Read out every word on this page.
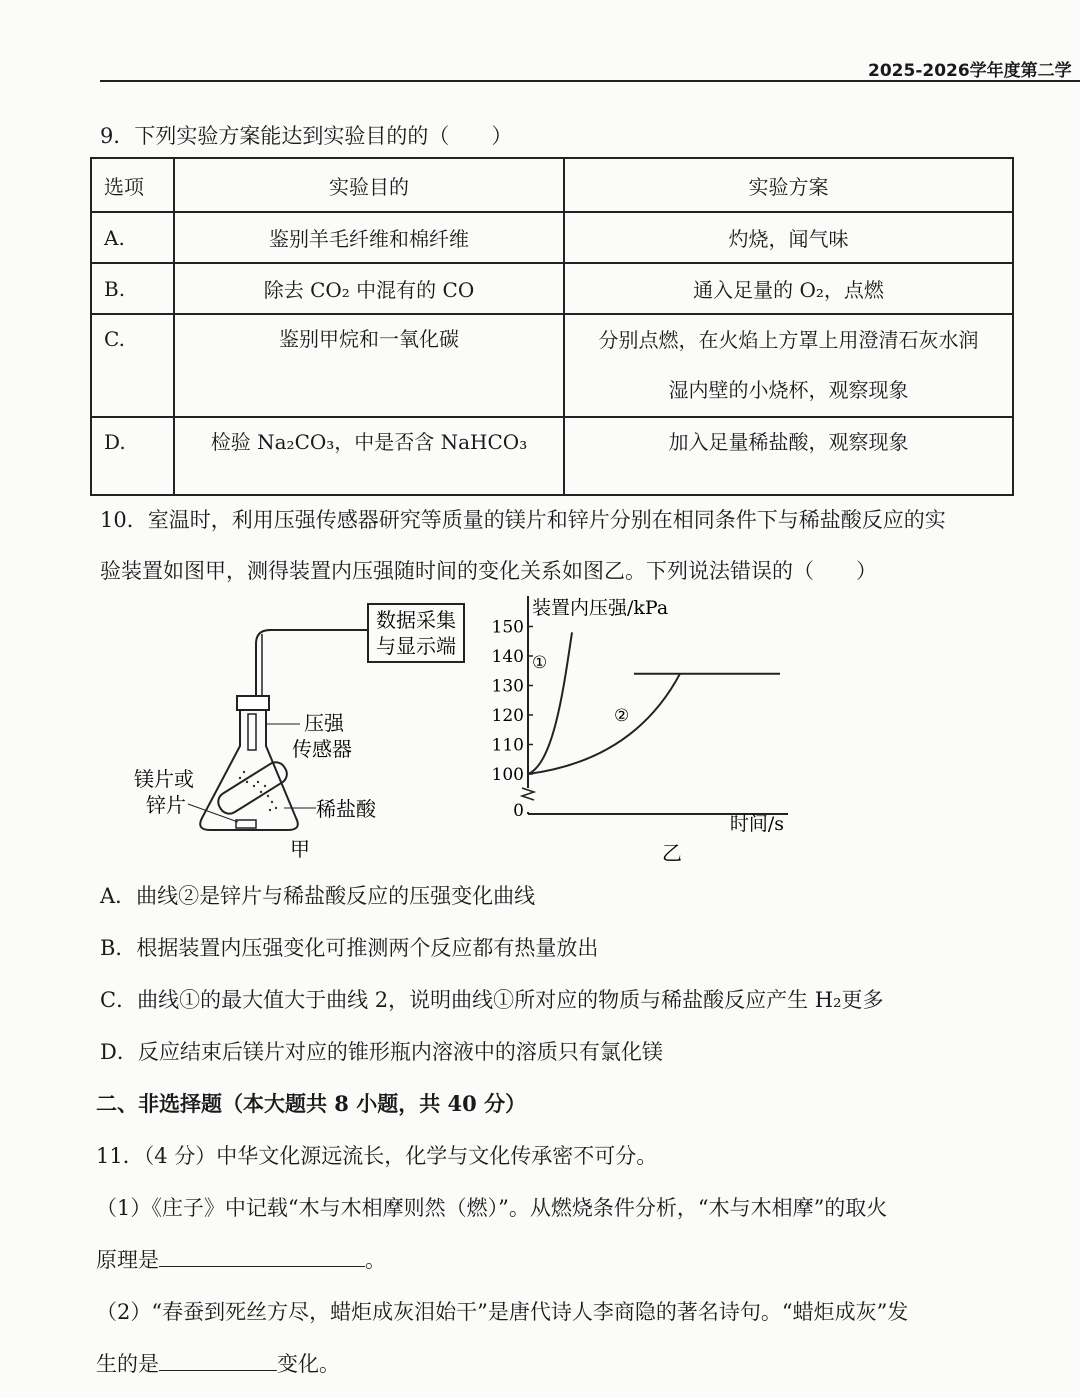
2025-2026学年度第二学
9．下列实验方案能达到实验目的的（　　）
选项	实验目的	实验方案
A.	鉴别羊毛纤维和棉纤维	灼烧，闻气味
B.	除去 CO₂ 中混有的 CO	通入足量的 O₂，点燃
C.	鉴别甲烷和一氧化碳	分别点燃，在火焰上方罩上用澄清石灰水润
湿内壁的小烧杯，观察现象

D.	检验 Na₂CO₃，中是否含 NaHCO₃	加入足量稀盐酸，观察现象
10．室温时，利用压强传感器研究等质量的镁片和锌片分别在相同条件下与稀盐酸反应的实
验装置如图甲，测得装置内压强随时间的变化关系如图乙。下列说法错误的（　　）
数据采集
与显示端
压强
传感器
镁片或
锌片	稀盐酸
甲
装置内压强/kPa
时间/s
乙
0
100
110
120
130
140
150
①
②
A．曲线②是锌片与稀盐酸反应的压强变化曲线
B．根据装置内压强变化可推测两个反应都有热量放出
C．曲线①的最大值大于曲线 2，说明曲线①所对应的物质与稀盐酸反应产生 H₂更多
D．反应结束后镁片对应的锥形瓶内溶液中的溶质只有氯化镁
二、非选择题（本大题共 8 小题，共 40 分）
11．（4 分）中华文化源远流长，化学与文化传承密不可分。
（1）《庄子》中记载“木与木相摩则然（燃）”。从燃烧条件分析，“木与木相摩”的取火
原理是	。
（2）“春蚕到死丝方尽，蜡炬成灰泪始干”是唐代诗人李商隐的著名诗句。“蜡炬成灰”发
生的是	变化。
